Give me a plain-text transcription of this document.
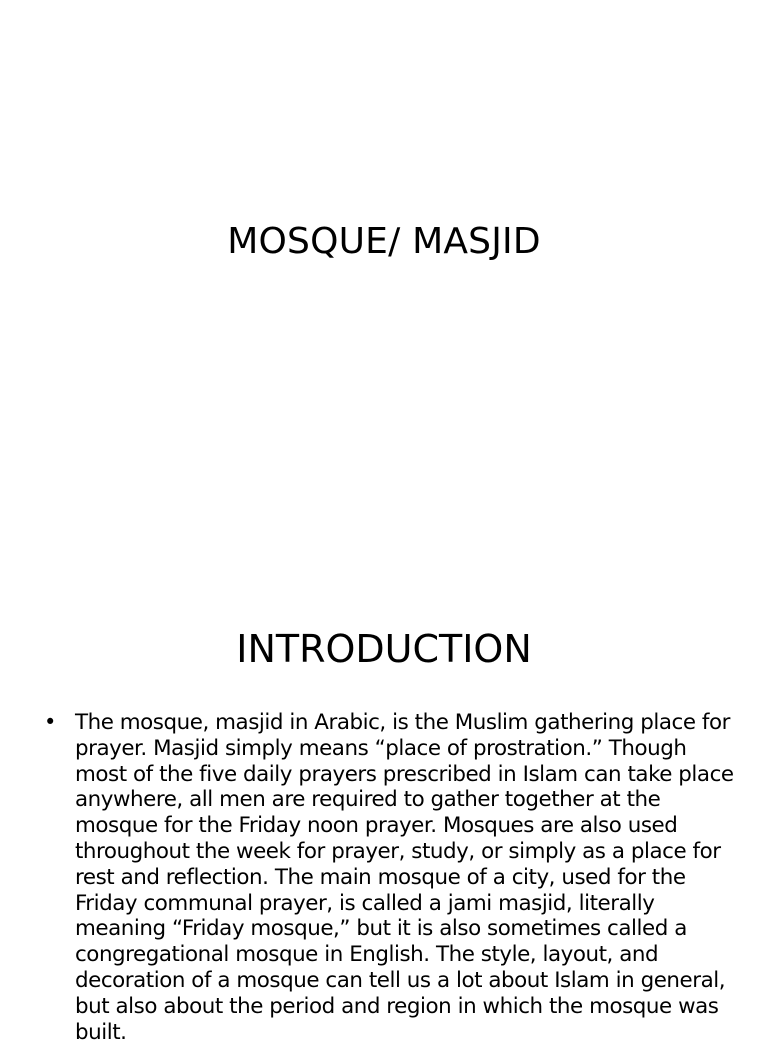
MOSQUE/ MASJID
INTRODUCTION
• The mosque, masjid in Arabic, is the Muslim gathering place for prayer. Masjid simply means “place of prostration.” Though most of the five daily prayers prescribed in Islam can take place anywhere, all men are required to gather together at the mosque for the Friday noon prayer. Mosques are also used throughout the week for prayer, study, or simply as a place for rest and reflection. The main mosque of a city, used for the Friday communal prayer, is called a jami masjid, literally meaning “Friday mosque,” but it is also sometimes called a congregational mosque in English. The style, layout, and decoration of a mosque can tell us a lot about Islam in general, but also about the period and region in which the mosque was built.
